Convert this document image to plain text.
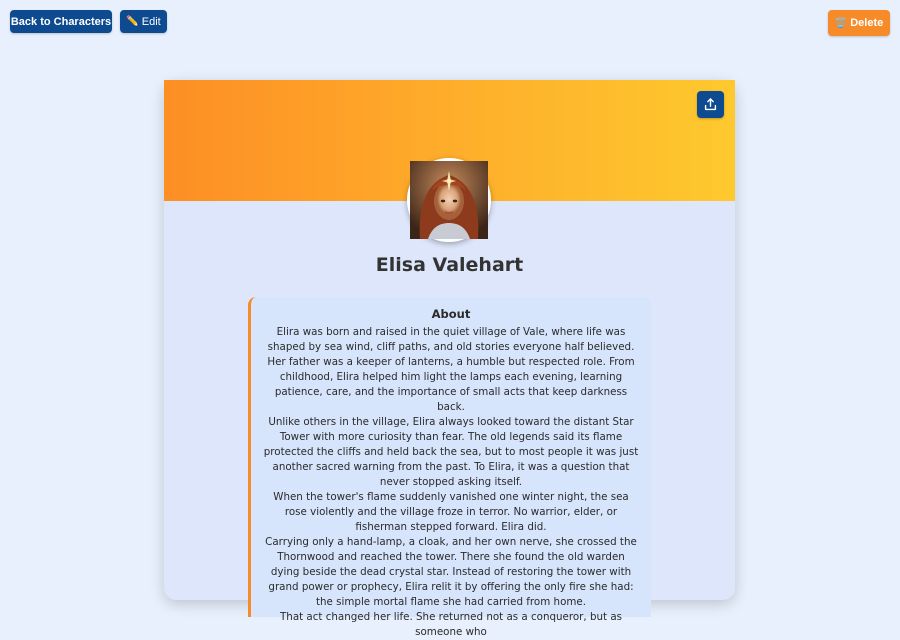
Back to Characters ✏️ Edit	🗑️ Delete
Elisa Valehart
About

Elira was born and raised in the quiet village of Vale, where life was shaped by sea wind, cliff paths, and old stories everyone half believed. Her father was a keeper of lanterns, a humble but respected role. From childhood, Elira helped him light the lamps each evening, learning patience, care, and the importance of small acts that keep darkness back.

Unlike others in the village, Elira always looked toward the distant Star Tower with more curiosity than fear. The old legends said its flame protected the cliffs and held back the sea, but to most people it was just another sacred warning from the past. To Elira, it was a question that never stopped asking itself.

When the tower's flame suddenly vanished one winter night, the sea rose violently and the village froze in terror. No warrior, elder, or fisherman stepped forward. Elira did.

Carrying only a hand-lamp, a cloak, and her own nerve, she crossed the Thornwood and reached the tower. There she found the old warden dying beside the dead crystal star. Instead of restoring the tower with grand power or prophecy, Elira relit it by offering the only fire she had: the simple mortal flame she had carried from home.

That act changed her life. She returned not as a conqueror, but as someone who
